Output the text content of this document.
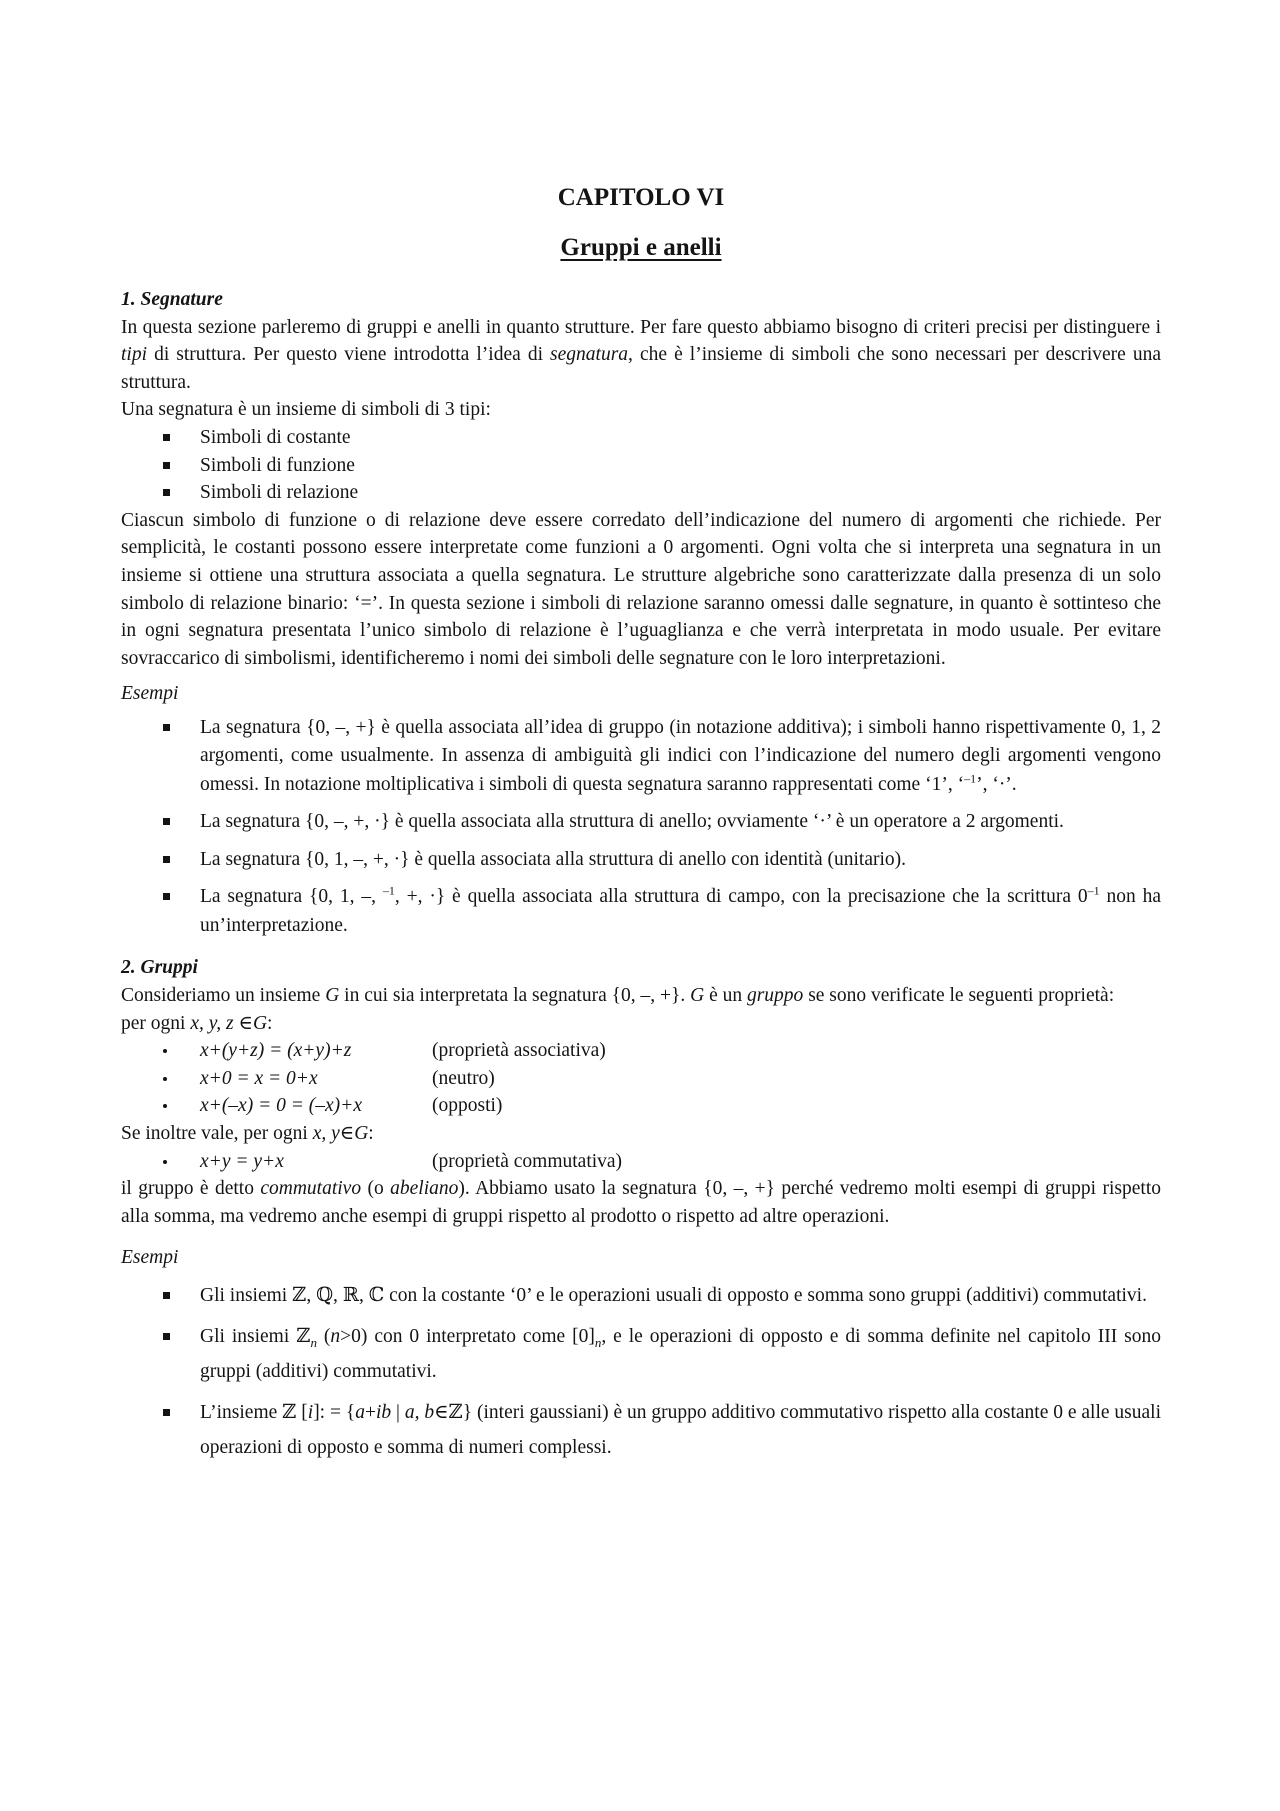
CAPITOLO VI
Gruppi e anelli

1. Segnature

In questa sezione parleremo di gruppi e anelli in quanto strutture. Per fare questo abbiamo bisogno di criteri precisi per distinguere i tipi di struttura. Per questo viene introdotta l’idea di segnatura, che è l’insieme di simboli che sono necessari per descrivere una struttura.

Una segnatura è un insieme di simboli di 3 tipi:

Simboli di costante
Simboli di funzione
Simboli di relazione

Ciascun simbolo di funzione o di relazione deve essere corredato dell’indicazione del numero di argomenti che richiede. Per semplicità, le costanti possono essere interpretate come funzioni a 0 argomenti. Ogni volta che si interpreta una segnatura in un insieme si ottiene una struttura associata a quella segnatura. Le strutture algebriche sono caratterizzate dalla presenza di un solo simbolo di relazione binario: ‘=’. In questa sezione i simboli di relazione saranno omessi dalle segnature, in quanto è sottinteso che in ogni segnatura presentata l’unico simbolo di relazione è l’uguaglianza e che verrà interpretata in modo usuale. Per evitare sovraccarico di simbolismi, identificheremo i nomi dei simboli delle segnature con le loro interpretazioni.

Esempi

La segnatura {0, –, +} è quella associata all’idea di gruppo (in notazione additiva); i simboli hanno rispettivamente 0, 1, 2 argomenti, come usualmente. In assenza di ambiguità gli indici con l’indicazione del numero degli argomenti vengono omessi. In notazione moltiplicativa i simboli di questa segnatura saranno rappresentati come ‘1’, ‘$^{-1}$’, ‘·’.
La segnatura {0, –, +, ·} è quella associata alla struttura di anello; ovviamente ‘·’ è un operatore a 2 argomenti.
La segnatura {0, 1, –, +, ·} è quella associata alla struttura di anello con identità (unitario).
La segnatura {0, 1, –, $^{-1}$, +, ·} è quella associata alla struttura di campo, con la precisazione che la scrittura $0^{-1}$ non ha un’interpretazione.

2. Gruppi

Consideriamo un insieme G in cui sia interpretata la segnatura {0, –, +}. G è un gruppo se sono verificate le seguenti proprietà:

per ogni x, y, z ∈G:

x+(y+z) = (x+y)+z	(proprietà associativa)
x+0 = x = 0+x	(neutro)
x+(–x) = 0 = (–x)+x	(opposti)

Se inoltre vale, per ogni x, y∈G:

x+y = y+x	(proprietà commutativa)

il gruppo è detto commutativo (o abeliano). Abbiamo usato la segnatura {0, –, +} perché vedremo molti esempi di gruppi rispetto alla somma, ma vedremo anche esempi di gruppi rispetto al prodotto o rispetto ad altre operazioni.

Esempi

Gli insiemi ℤ, ℚ, ℝ, ℂ con la costante ‘0’ e le operazioni usuali di opposto e somma sono gruppi (additivi) commutativi.
Gli insiemi ℤ$_n$ (n>0) con 0 interpretato come $[0]_n$, e le operazioni di opposto e di somma definite nel capitolo III sono gruppi (additivi) commutativi.
L’insieme ℤ [i]: = {a+ib | a, b∈ℤ} (interi gaussiani) è un gruppo additivo commutativo rispetto alla costante 0 e alle usuali operazioni di opposto e somma di numeri complessi.
